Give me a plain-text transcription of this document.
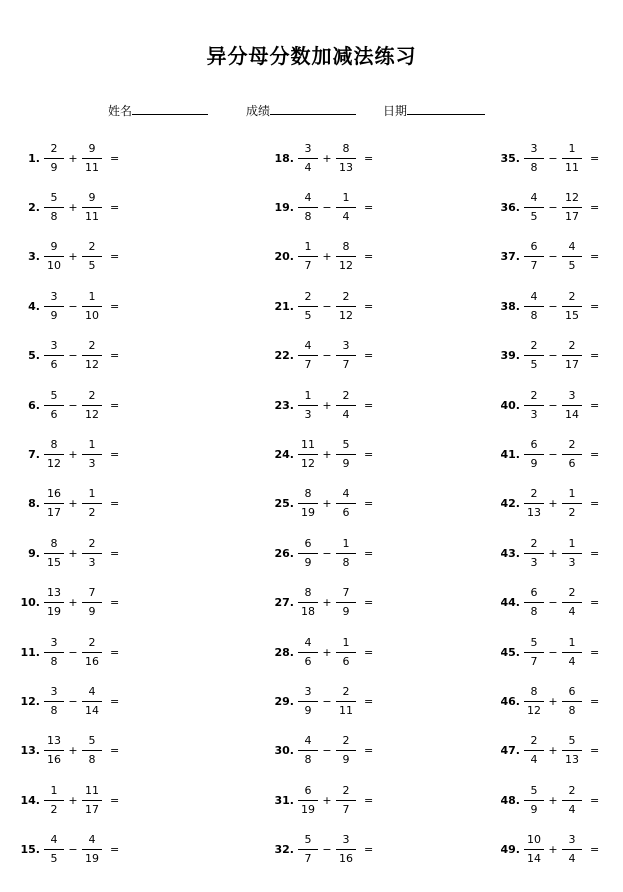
异分母分数加减法练习
姓名	成绩	日期
1. $\frac{2}{9} + \frac{9}{11}$ =
2. $\frac{5}{8} + \frac{9}{11}$ =
3. $\frac{9}{10} + \frac{2}{5}$ =
4. $\frac{3}{9} - \frac{1}{10}$ =
5. $\frac{3}{6} - \frac{2}{12}$ =
6. $\frac{5}{6} - \frac{2}{12}$ =
7. $\frac{8}{12} + \frac{1}{3}$ =
8. $\frac{16}{17} + \frac{1}{2}$ =
9. $\frac{8}{15} + \frac{2}{3}$ =
10. $\frac{13}{19} + \frac{7}{9}$ =
11. $\frac{3}{8} - \frac{2}{16}$ =
12. $\frac{3}{8} - \frac{4}{14}$ =
13. $\frac{13}{16} + \frac{5}{8}$ =
14. $\frac{1}{2} + \frac{11}{17}$ =
15. $\frac{4}{5} - \frac{4}{19}$ =
18. $\frac{3}{4} + \frac{8}{13}$ =
19. $\frac{4}{8} - \frac{1}{4}$ =
20. $\frac{1}{7} + \frac{8}{12}$ =
21. $\frac{2}{5} - \frac{2}{12}$ =
22. $\frac{4}{7} - \frac{3}{7}$ =
23. $\frac{1}{3} + \frac{2}{4}$ =
24. $\frac{11}{12} + \frac{5}{9}$ =
25. $\frac{8}{19} + \frac{4}{6}$ =
26. $\frac{6}{9} - \frac{1}{8}$ =
27. $\frac{8}{18} + \frac{7}{9}$ =
28. $\frac{4}{6} + \frac{1}{6}$ =
29. $\frac{3}{9} - \frac{2}{11}$ =
30. $\frac{4}{8} - \frac{2}{9}$ =
31. $\frac{6}{19} + \frac{2}{7}$ =
32. $\frac{5}{7} - \frac{3}{16}$ =
35. $\frac{3}{8} - \frac{1}{11}$ =
36. $\frac{4}{5} - \frac{12}{17}$ =
37. $\frac{6}{7} - \frac{4}{5}$ =
38. $\frac{4}{8} - \frac{2}{15}$ =
39. $\frac{2}{5} - \frac{2}{17}$ =
40. $\frac{2}{3} - \frac{3}{14}$ =
41. $\frac{6}{9} - \frac{2}{6}$ =
42. $\frac{2}{13} + \frac{1}{2}$ =
43. $\frac{2}{3} + \frac{1}{3}$ =
44. $\frac{6}{8} - \frac{2}{4}$ =
45. $\frac{5}{7} - \frac{1}{4}$ =
46. $\frac{8}{12} + \frac{6}{8}$ =
47. $\frac{2}{4} + \frac{5}{13}$ =
48. $\frac{5}{9} + \frac{2}{4}$ =
49. $\frac{10}{14} + \frac{3}{4}$ =
